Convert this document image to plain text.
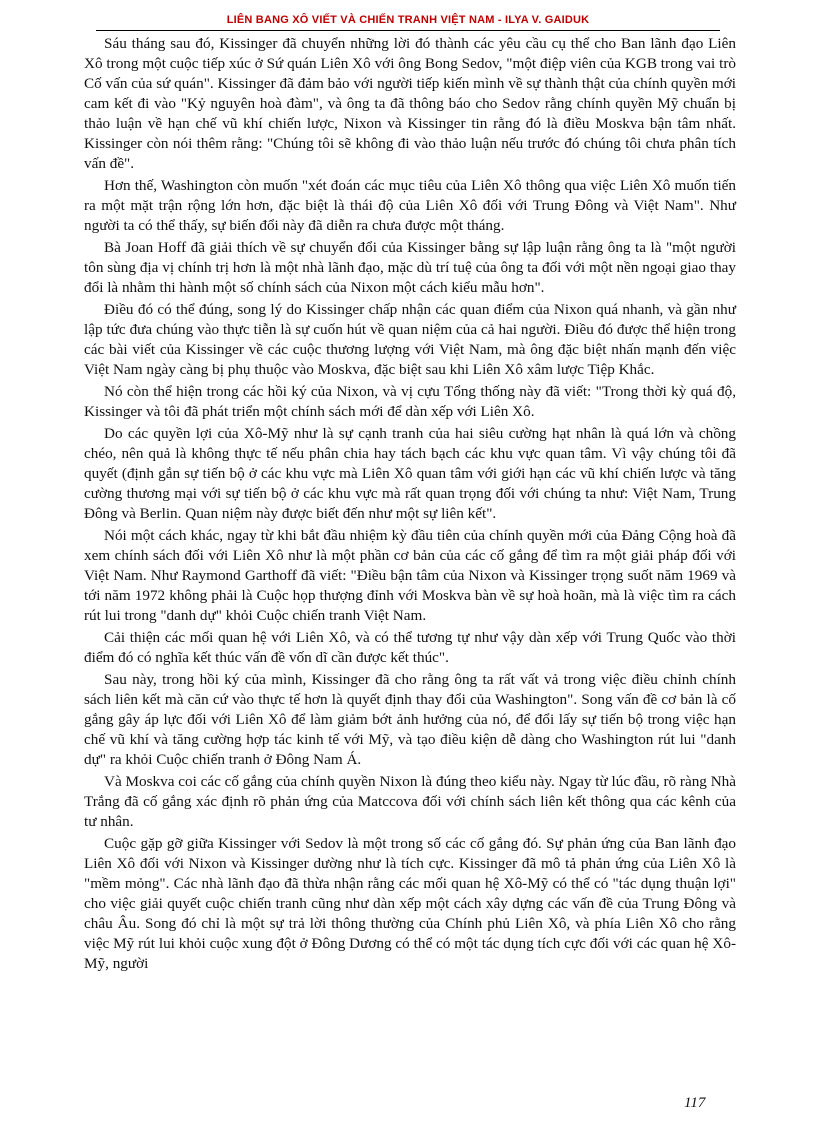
LIÊN BANG XÔ VIẾT VÀ CHIẾN TRANH VIỆT NAM - ILYA V. GAIDUK

Sáu tháng sau đó, Kissinger đã chuyển những lời đó thành các yêu cầu cụ thể cho Ban lãnh đạo Liên Xô trong một cuộc tiếp xúc ở Sứ quán Liên Xô với ông Bong Sedov, "một điệp viên của KGB trong vai trò Cố vấn của sứ quán". Kissinger đã đảm bảo với người tiếp kiến mình về sự thành thật của chính quyền mới cam kết đi vào "Kỷ nguyên hoà đàm", và ông ta đã thông báo cho Sedov rằng chính quyền Mỹ chuẩn bị thảo luận về hạn chế vũ khí chiến lược, Nixon và Kissinger tin rằng đó là điều Moskva bận tâm nhất. Kissinger còn nói thêm rằng: "Chúng tôi sẽ không đi vào thảo luận nếu trước đó chúng tôi chưa phân tích vấn đề".

Hơn thế, Washington còn muốn "xét đoán các mục tiêu của Liên Xô thông qua việc Liên Xô muốn tiến ra một mặt trận rộng lớn hơn, đặc biệt là thái độ của Liên Xô đối với Trung Đông và Việt Nam". Như người ta có thể thấy, sự biến đổi này đã diễn ra chưa được một tháng.

Bà Joan Hoff đã giải thích về sự chuyển đổi của Kissinger bằng sự lập luận rằng ông ta là "một người tôn sùng địa vị chính trị hơn là một nhà lãnh đạo, mặc dù trí tuệ của ông ta đối với một nền ngoại giao thay đổi là nhằm thi hành một số chính sách của Nixon một cách kiểu mẫu hơn".

Điều đó có thể đúng, song lý do Kissinger chấp nhận các quan điểm của Nixon quá nhanh, và gần như lập tức đưa chúng vào thực tiễn là sự cuốn hút về quan niệm của cả hai người. Điều đó được thể hiện trong các bài viết của Kissinger về các cuộc thương lượng với Việt Nam, mà ông đặc biệt nhấn mạnh đến việc Việt Nam ngày càng bị phụ thuộc vào Moskva, đặc biệt sau khi Liên Xô xâm lược Tiệp Khắc.

Nó còn thể hiện trong các hồi ký của Nixon, và vị cựu Tổng thống này đã viết: "Trong thời kỳ quá độ, Kissinger và tôi đã phát triển một chính sách mới để dàn xếp với Liên Xô.

Do các quyền lợi của Xô-Mỹ như là sự cạnh tranh của hai siêu cường hạt nhân là quá lớn và chồng chéo, nên quả là không thực tế nếu phân chia hay tách bạch các khu vực quan tâm. Vì vậy chúng tôi đã quyết (định gắn sự tiến bộ ở các khu vực mà Liên Xô quan tâm với giới hạn các vũ khí chiến lược và tăng cường thương mại với sự tiến bộ ở các khu vực mà rất quan trọng đối với chúng ta như: Việt Nam, Trung Đông và Berlin. Quan niệm này được biết đến như một sự liên kết".

Nói một cách khác, ngay từ khi bắt đầu nhiệm kỳ đầu tiên của chính quyền mới của Đảng Cộng hoà đã xem chính sách đối với Liên Xô như là một phần cơ bản của các cố gắng để tìm ra một giải pháp đối với Việt Nam. Như Raymond Garthoff đã viết: "Điều bận tâm của Nixon và Kissinger trọng suốt năm 1969 và tới năm 1972 không phải là Cuộc họp thượng đỉnh với Moskva bàn về sự hoà hoãn, mà là việc tìm ra cách rút lui trong "danh dự" khỏi Cuộc chiến tranh Việt Nam.

Cải thiện các mối quan hệ với Liên Xô, và có thể tương tự như vậy dàn xếp với Trung Quốc vào thời điểm đó có nghĩa kết thúc vấn đề vốn dĩ cần được kết thúc".

Sau này, trong hồi ký của mình, Kissinger đã cho rằng ông ta rất vất vả trong việc điều chỉnh chính sách liên kết mà căn cứ vào thực tế hơn là quyết định thay đổi của Washington". Song vấn đề cơ bản là cố gắng gây áp lực đối với Liên Xô để làm giảm bớt ảnh hưởng của nó, để đổi lấy sự tiến bộ trong việc hạn chế vũ khí và tăng cường hợp tác kinh tế với Mỹ, và tạo điều kiện dễ dàng cho Washington rút lui "danh dự" ra khỏi Cuộc chiến tranh ở Đông Nam Á.

Và Moskva coi các cố gắng của chính quyền Nixon là đúng theo kiểu này. Ngay từ lúc đầu, rõ ràng Nhà Trắng đã cố gắng xác định rõ phản ứng của Matccova đối với chính sách liên kết thông qua các kênh của tư nhân.

Cuộc gặp gỡ giữa Kissinger với Sedov là một trong số các cố gắng đó. Sự phản ứng của Ban lãnh đạo Liên Xô đối với Nixon và Kissinger dường như là tích cực. Kissinger đã mô tả phản ứng của Liên Xô là "mềm mỏng". Các nhà lãnh đạo đã thừa nhận rằng các mối quan hệ Xô-Mỹ có thể có "tác dụng thuận lợi" cho việc giải quyết cuộc chiến tranh cũng như dàn xếp một cách xây dựng các vấn đề của Trung Đông và châu Âu. Song đó chỉ là một sự trả lời thông thường của Chính phủ Liên Xô, và phía Liên Xô cho rằng việc Mỹ rút lui khỏi cuộc xung đột ở Đông Dương có thể có một tác dụng tích cực đối với các quan hệ Xô-Mỹ, người

117
